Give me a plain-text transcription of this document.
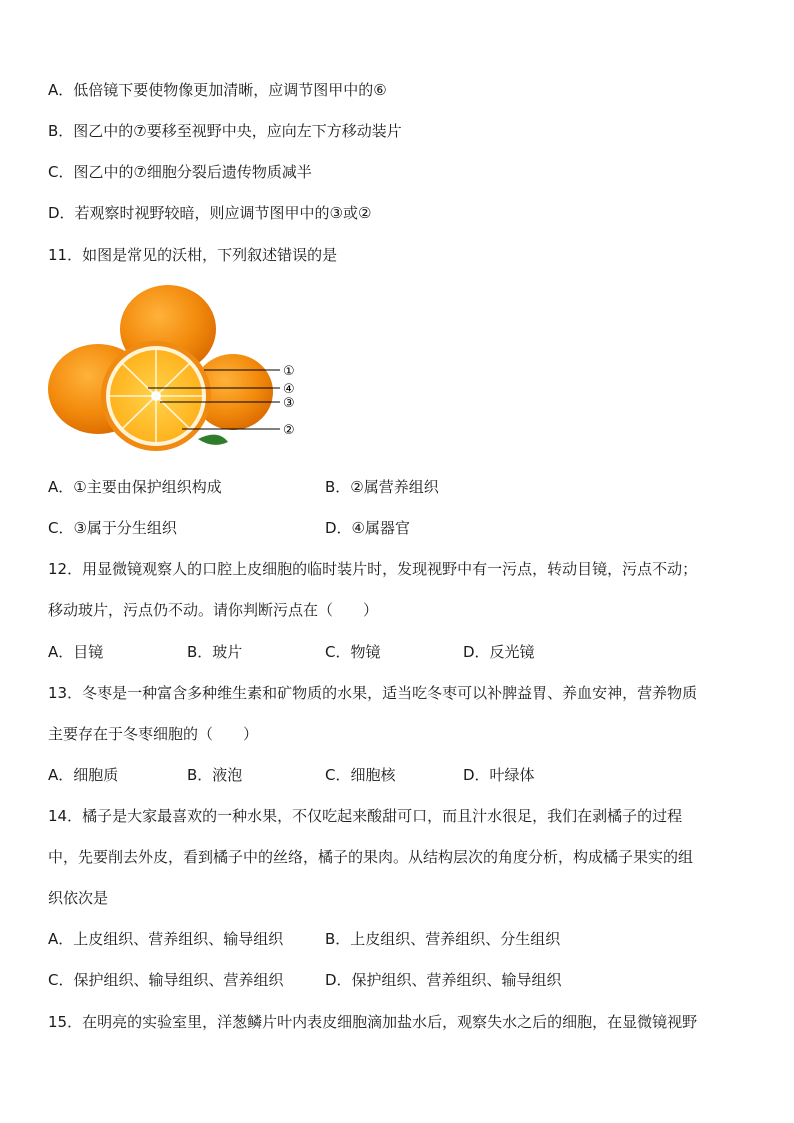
A．低倍镜下要使物像更加清晰，应调节图甲中的⑥
B．图乙中的⑦要移至视野中央，应向左下方移动装片
C．图乙中的⑦细胞分裂后遗传物质减半
D．若观察时视野较暗，则应调节图甲中的③或②
11．如图是常见的沃柑，下列叙述错误的是
①
④
③
②
A．①主要由保护组织构成	B．②属营养组织
C．③属于分生组织	D．④属器官
12．用显微镜观察人的口腔上皮细胞的临时装片时，发现视野中有一污点，转动目镜，污点不动；
移动玻片，污点仍不动。请你判断污点在（　　）
A．目镜	B．玻片	C．物镜	D．反光镜
13．冬枣是一种富含多种维生素和矿物质的水果，适当吃冬枣可以补脾益胃、养血安神，营养物质
主要存在于冬枣细胞的（　　）
A．细胞质	B．液泡	C．细胞核	D．叶绿体
14．橘子是大家最喜欢的一种水果，不仅吃起来酸甜可口，而且汁水很足，我们在剥橘子的过程
中，先要削去外皮，看到橘子中的丝络，橘子的果肉。从结构层次的角度分析，构成橘子果实的组
织依次是
A．上皮组织、营养组织、输导组织	B．上皮组织、营养组织、分生组织
C．保护组织、输导组织、营养组织	D．保护组织、营养组织、输导组织
15．在明亮的实验室里，洋葱鳞片叶内表皮细胞滴加盐水后，观察失水之后的细胞，在显微镜视野
